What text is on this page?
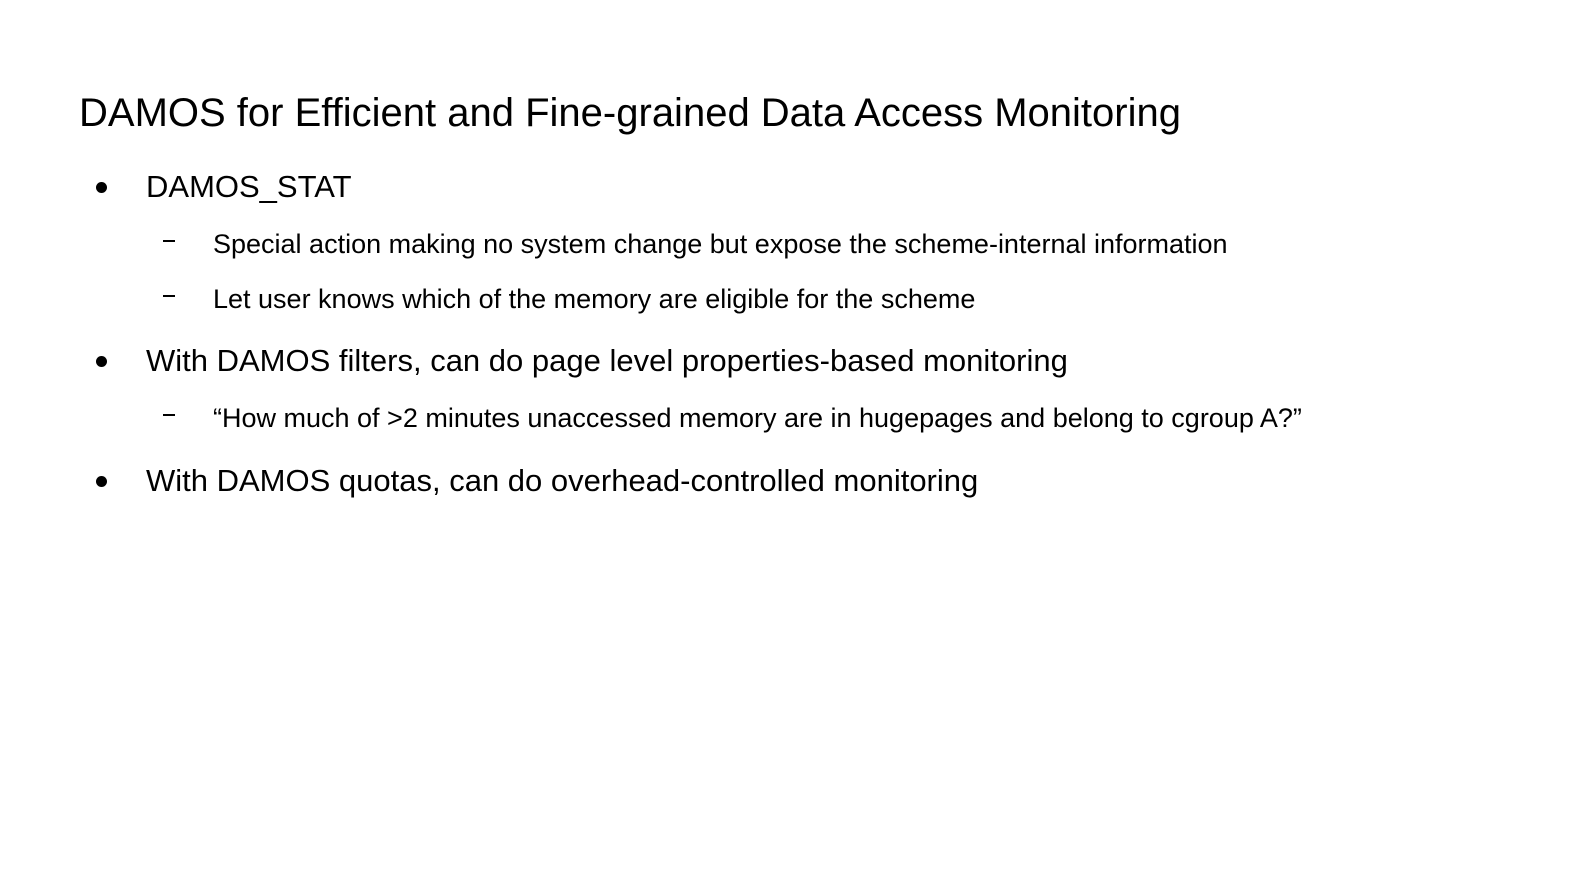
DAMOS for Efficient and Fine-grained Data Access Monitoring
DAMOS_STAT
Special action making no system change but expose the scheme-internal information
Let user knows which of the memory are eligible for the scheme
With DAMOS filters, can do page level properties-based monitoring
“How much of >2 minutes unaccessed memory are in hugepages and belong to cgroup A?”
With DAMOS quotas, can do overhead-controlled monitoring
